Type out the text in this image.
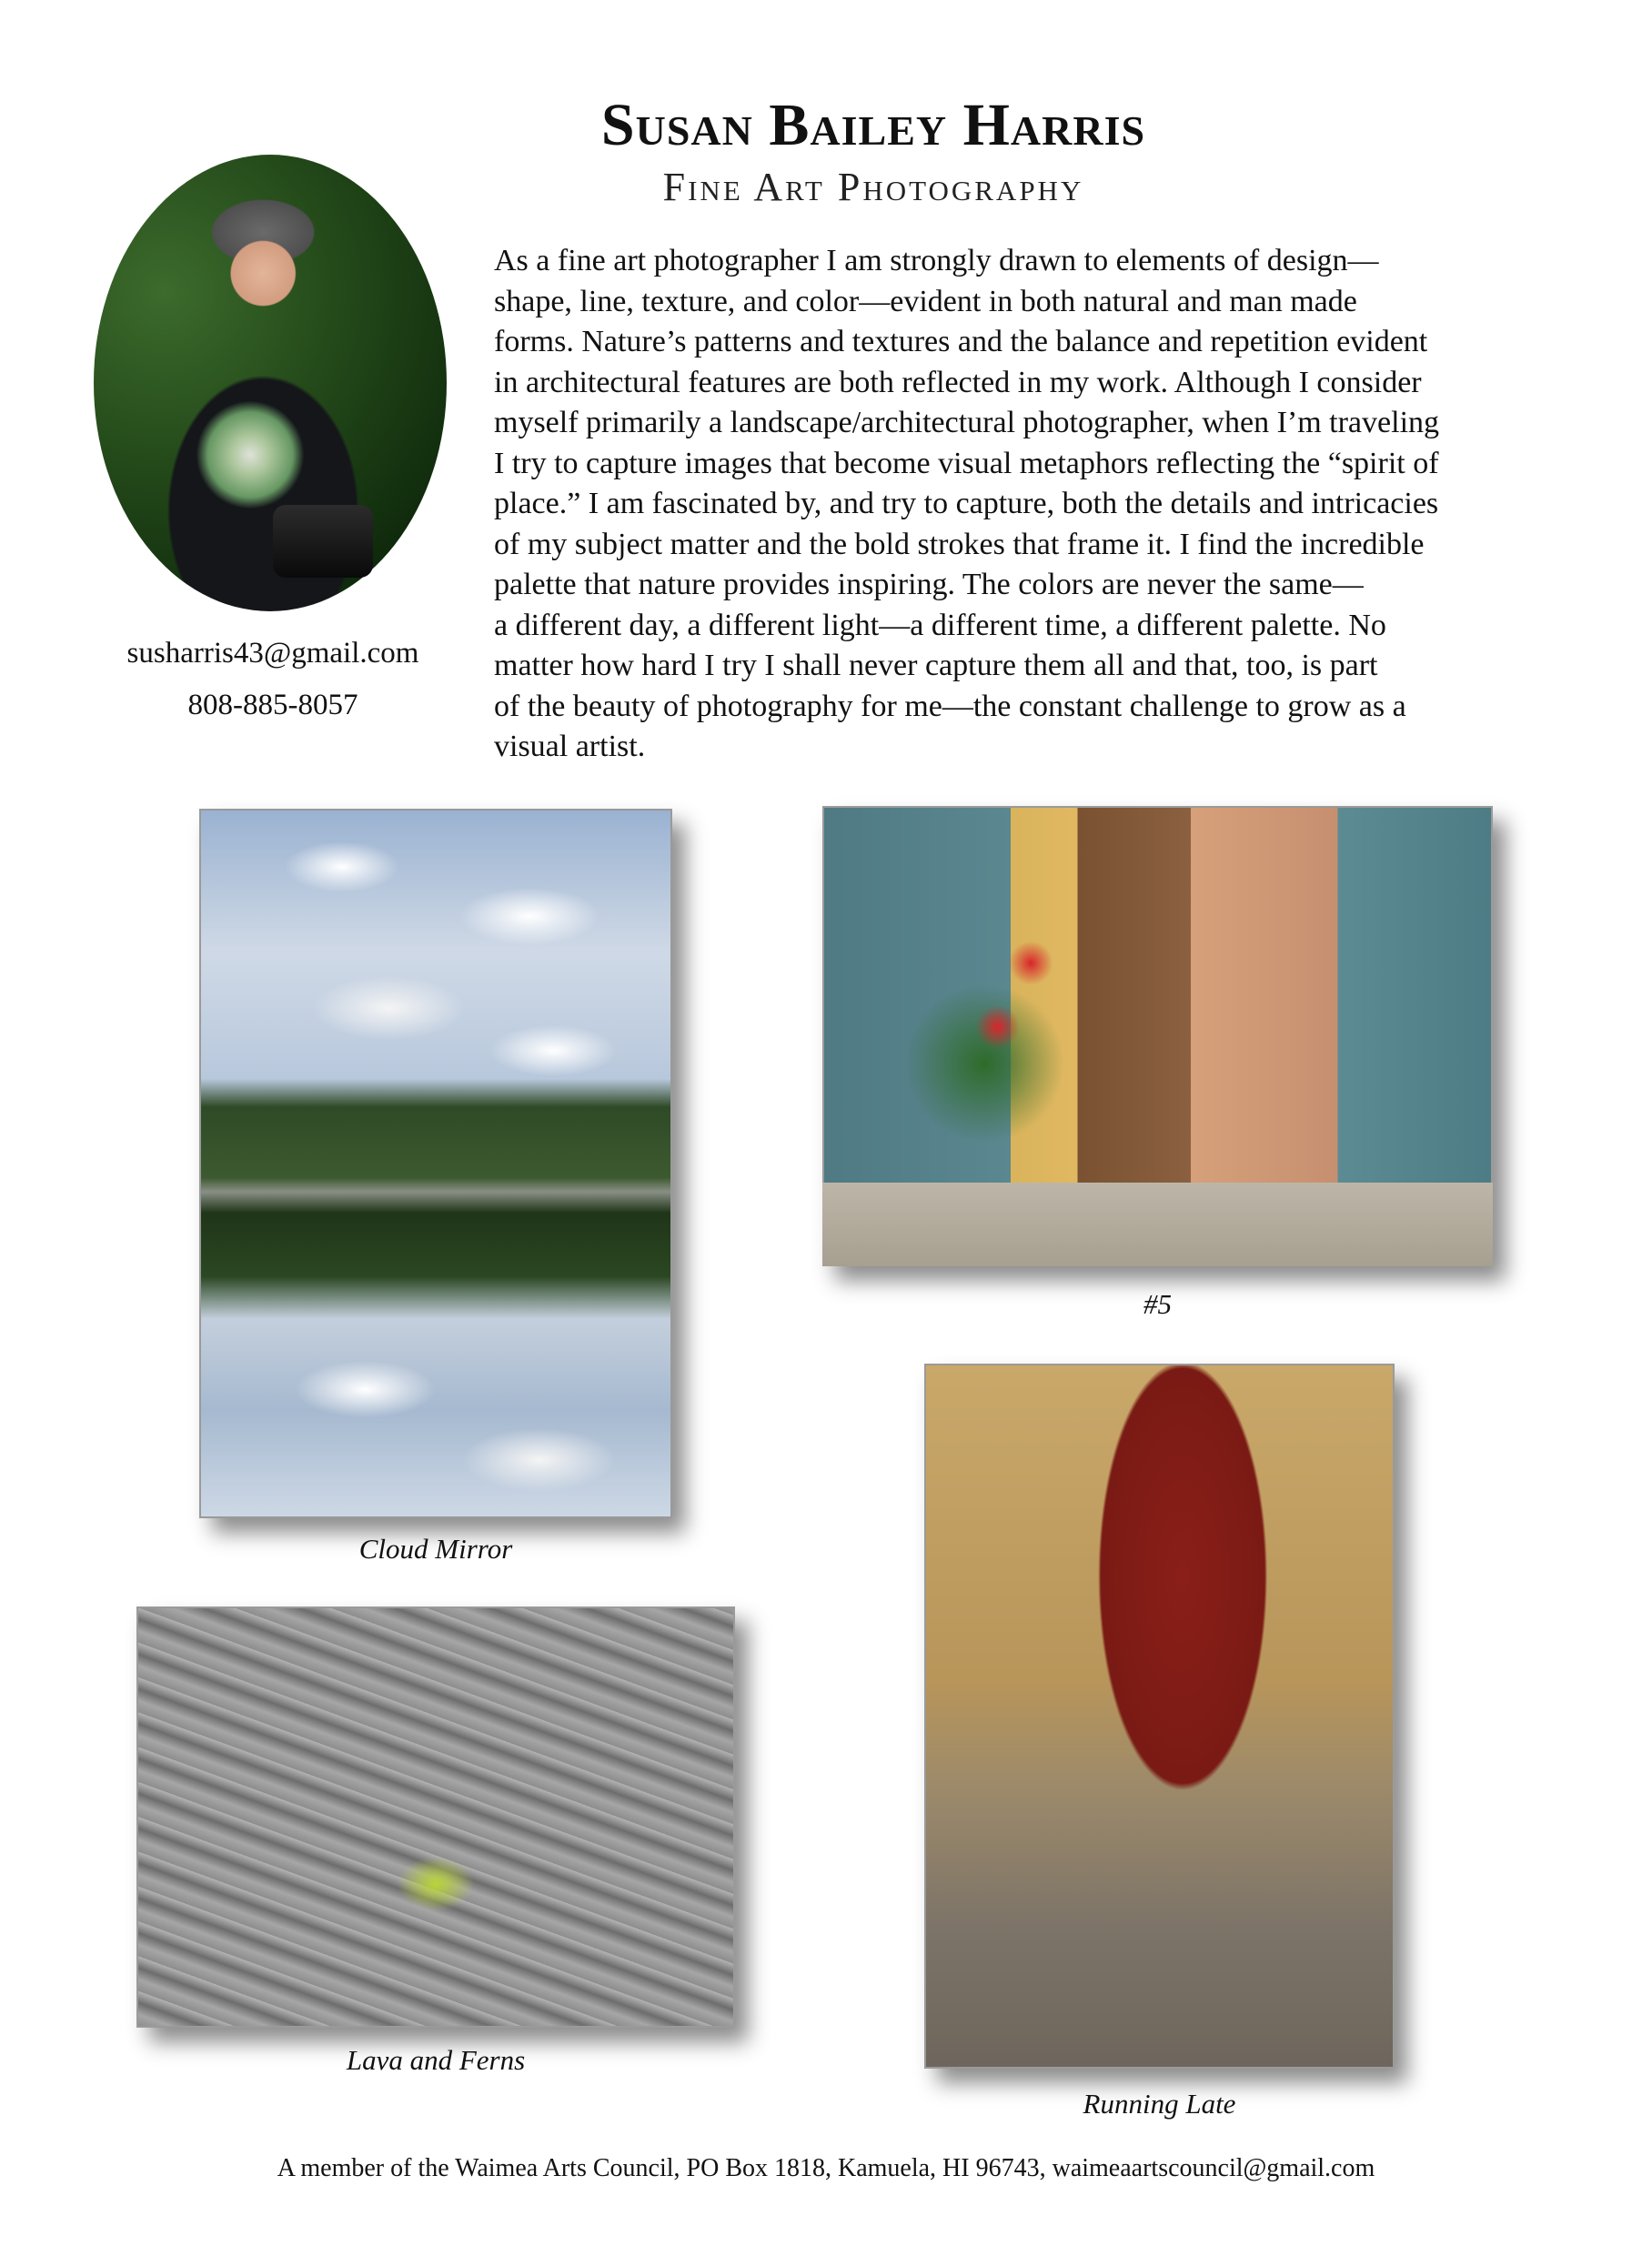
Susan Bailey Harris
Fine Art Photography
susharris43@gmail.com
808-885-8057
As a fine art photographer I am strongly drawn to elements of design—
shape, line, texture, and color—evident in both natural and man made
forms. Nature’s patterns and textures and the balance and repetition evident
in architectural features are both reflected in my work. Although I consider
myself primarily a landscape/architectural photographer, when I’m traveling
I try to capture images that become visual metaphors reflecting the “spirit of
place.” I am fascinated by, and try to capture, both the details and intricacies
of my subject matter and the bold strokes that frame it. I find the incredible
palette that nature provides inspiring. The colors are never the same—
a different day, a different light—a different time, a different palette. No
matter how hard I try I shall never capture them all and that, too, is part
of the beauty of photography for me—the constant challenge to grow as a
visual artist.
Cloud Mirror
#5
Lava and Ferns
Running Late
A member of the Waimea Arts Council, PO Box 1818, Kamuela, HI 96743, waimeaartscouncil@gmail.com
